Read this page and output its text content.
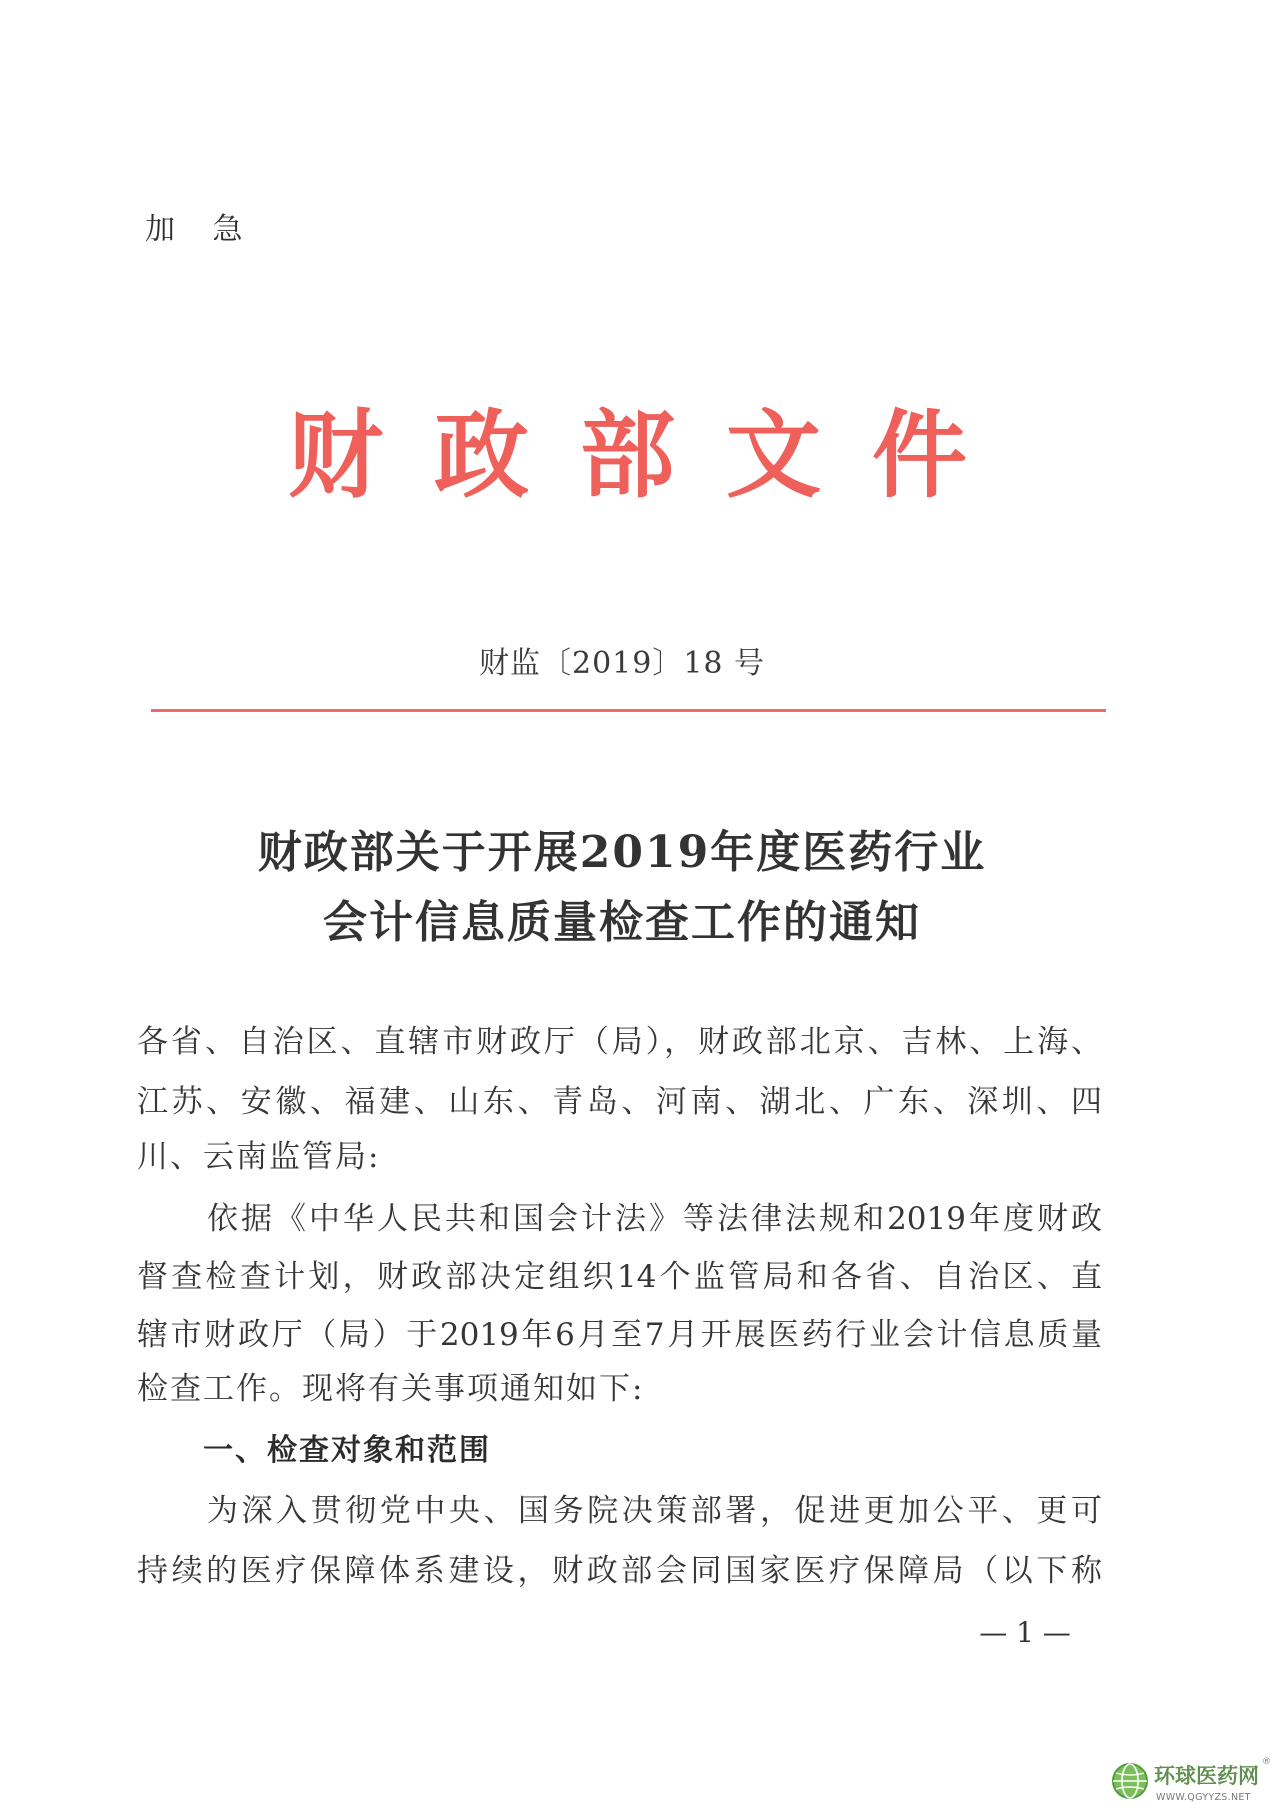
加 急
财政部文件
财监〔2019〕18 号
财政部关于开展2019年度医药行业
会计信息质量检查工作的通知
各省、自治区、直辖市财政厅（局），财政部北京、吉林、上海、
江苏、安徽、福建、山东、青岛、河南、湖北、广东、深圳、四
川、云南监管局:
依据《中华人民共和国会计法》等法律法规和2019年度财政
督查检查计划，财政部决定组织14个监管局和各省、自治区、直
辖市财政厅（局）于2019年6月至7月开展医药行业会计信息质量
检查工作。现将有关事项通知如下:
一、检查对象和范围
为深入贯彻党中央、国务院决策部署，促进更加公平、更可
持续的医疗保障体系建设，财政部会同国家医疗保障局（以下称
— 1 —
环球医药网
®
WWW.QGYYZS.NET
